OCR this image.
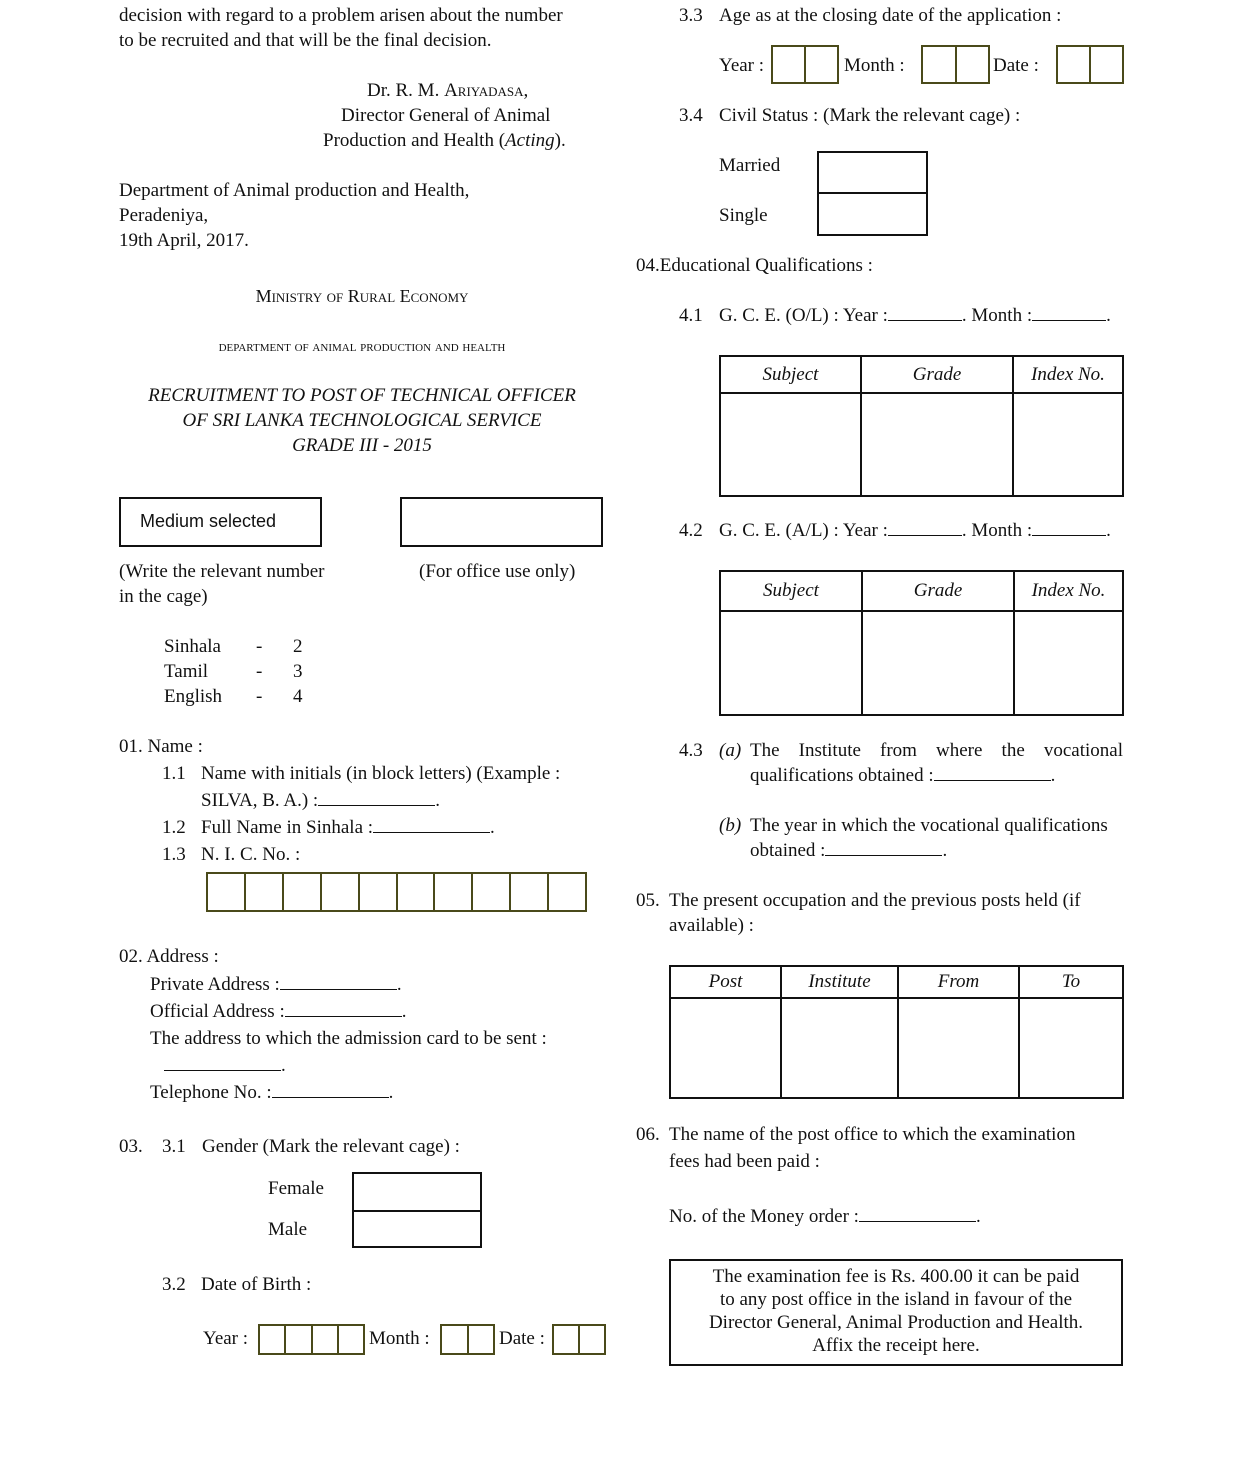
decision with regard to a problem arisen about the number
to be recruited and that will be the final decision.
Dr. R. M. Ariyadasa,
Director General of Animal
Production and Health (Acting).
Department of Animal production and Health,
Peradeniya,
19th April, 2017.
Ministry of Rural Economy
department of animal production and health
RECRUITMENT TO POST OF TECHNICAL OFFICER
OF SRI LANKA TECHNOLOGICAL SERVICE
GRADE III - 2015
Medium selected
(Write the relevant number
in the cage)
(For office use only)
Sinhala - 2
Tamil	- 3
English - 4
01. Name :
1.1 Name with initials (in block letters) (Example :
SILVA, B. A.) :	.
1.2 Full Name in Sinhala :	.
1.3 N. I. C. No. :
02. Address :
Private Address :	.
Official Address :	.
The address to which the admission card to be sent :
.
Telephone No. :	.
03. 3.1 Gender (Mark the relevant cage) :
Female
Male
3.2 Date of Birth :
Year :	Month :	Date :
3.3 Age as at the closing date of the application :
Year :	Month :	Date :
3.4 Civil Status : (Mark the relevant cage) :
Married
Single
04.Educational Qualifications :
4.1 G. C. E. (O/L) : Year :	. Month :	.
Subject	Grade	Index No.

4.2 G. C. E. (A/L) : Year :	. Month :	.
Subject	Grade	Index No.

4.3 (a) The Institute from where the vocational
qualifications obtained :	.
(b) The year in which the vocational qualifications
obtained :	.
05. The present occupation and the previous posts held (if
available) :
Post	Institute	From	To

06. The name of the post office to which the examination
fees had been paid :
No. of the Money order :	.
The examination fee is Rs. 400.00 it can be paid
to any post office in the island in favour of the
Director General, Animal Production and Health.
Affix the receipt here.
